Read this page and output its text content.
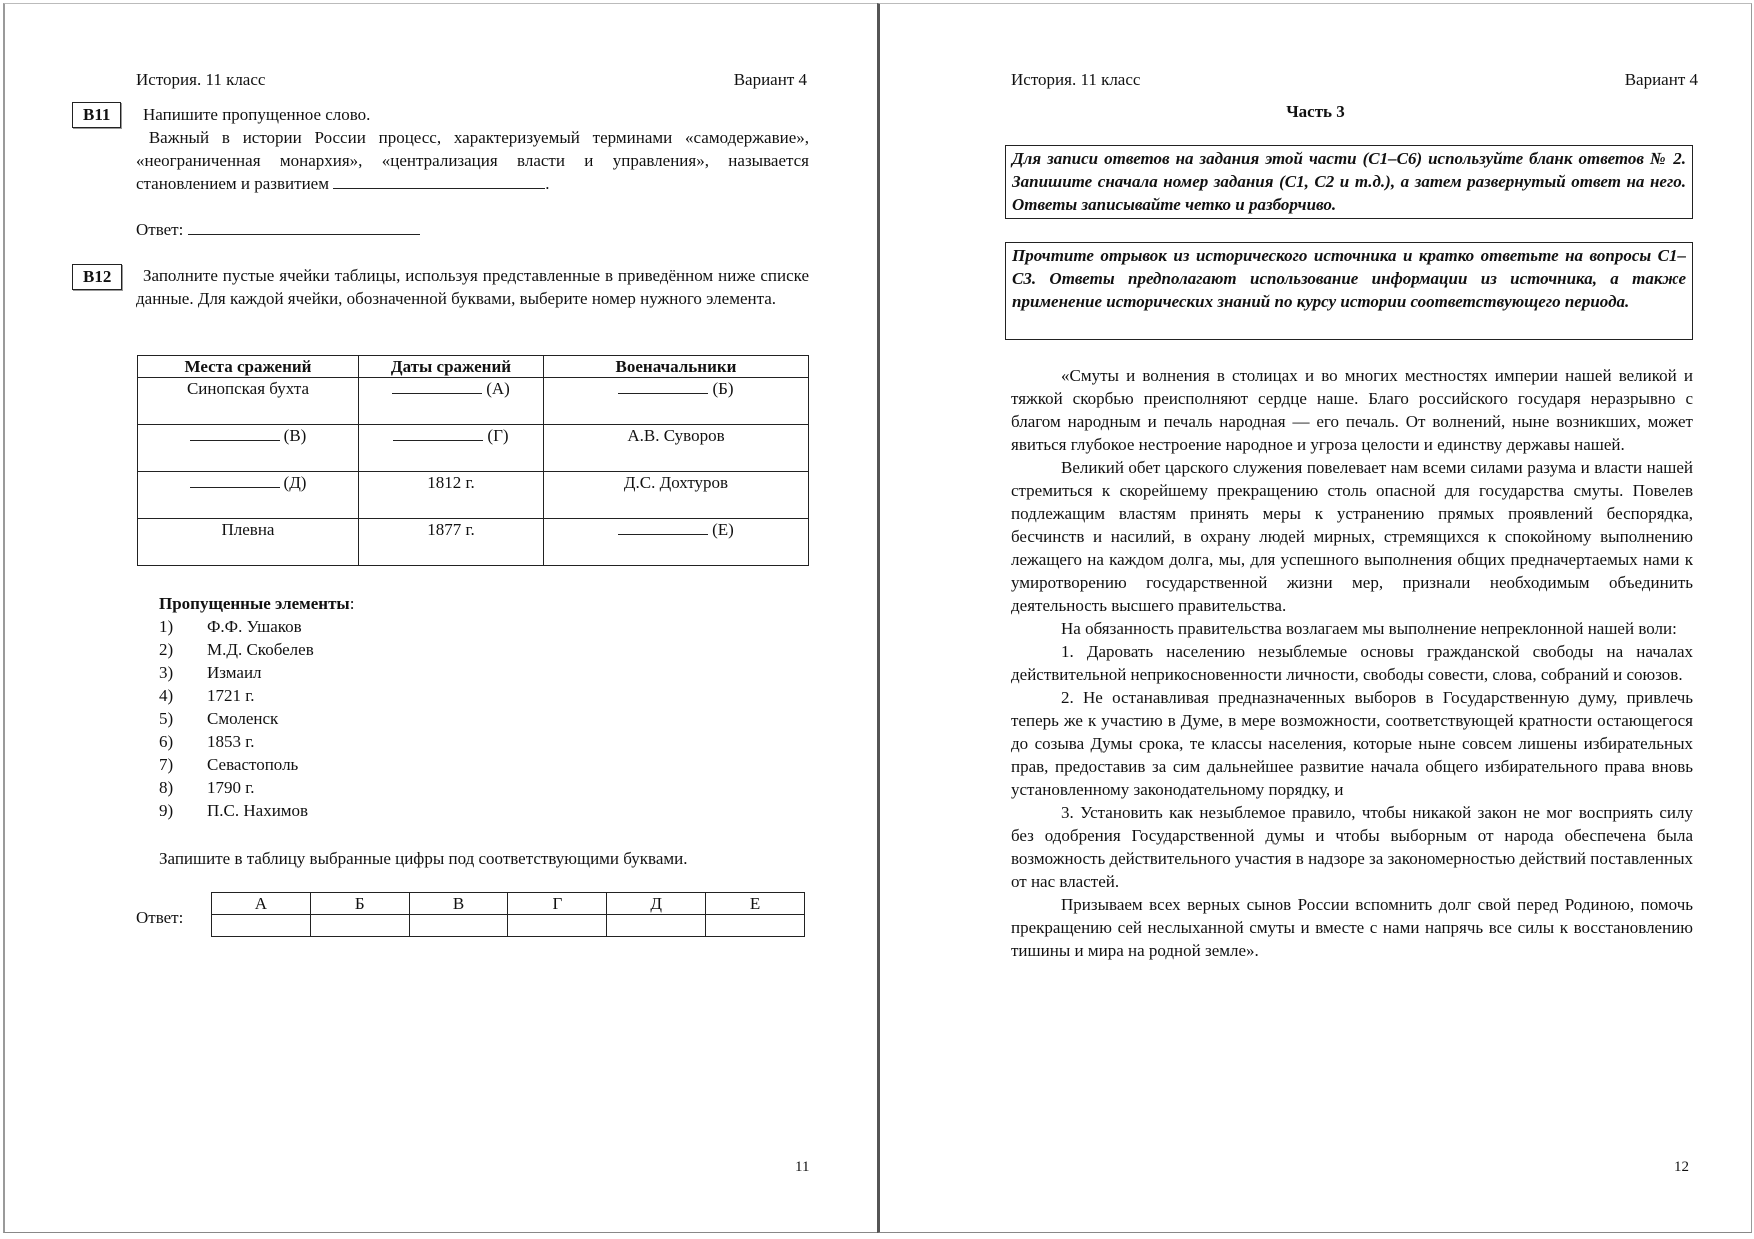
История. 11 класс	Вариант 4
В11	Напишите пропущенное слово.
Важный в истории России процесс, характеризуемый терминами «самодержавие», «неограниченная монархия», «централизация власти и управления», называется становлением и развитием	.
Ответ:
В12	Заполните пустые ячейки таблицы, используя представленные в приведённом ниже списке данные. Для каждой ячейки, обозначенной буквами, выберите номер нужного элемента.
Места сражений	Даты сражений	Военачальники
Синопская бухта	(А)	(Б)
(В)	(Г)	А.В. Суворов
(Д)	1812 г.	Д.С. Дохтуров
Плевна	1877 г.	(Е)
Пропущенные элементы:
1) Ф.Ф. Ушаков
2) М.Д. Скобелев
3) Измаил
4) 1721 г.
5) Смоленск
6) 1853 г.
7) Севастополь
8) 1790 г.
9) П.С. Нахимов
Запишите в таблицу выбранные цифры под соответствующими буквами.
Ответ:
А	Б	В	Г	Д	Е

11
История. 11 класс	Вариант 4
Часть 3
Для записи ответов на задания этой части (С1–С6) используйте бланк ответов № 2. Запишите сначала номер задания (С1, С2 и т.д.), а затем развернутый ответ на него. Ответы записывайте четко и разборчиво.
Прочтите отрывок из исторического источника и кратко ответьте на вопросы С1–С3. Ответы предполагают использование информации из источника, а также применение исторических знаний по курсу истории соответствующего периода.

«Смуты и волнения в столицах и во многих местностях империи нашей великой и тяжкой скорбью преисполняют сердце наше. Благо российского государя неразрывно с благом народным и печаль народная — его печаль. От волнений, ныне возникших, может явиться глубокое нестроение народное и угроза целости и единству державы нашей.

Великий обет царского служения повелевает нам всеми силами разума и власти нашей стремиться к скорейшему прекращению столь опасной для государства смуты. Повелев подлежащим властям принять меры к устранению прямых проявлений беспорядка, бесчинств и насилий, в охрану людей мирных, стремящихся к спокойному выполнению лежащего на каждом долга, мы, для успешного выполнения общих предначертаемых нами к умиротворению государственной жизни мер, признали необходимым объединить деятельность высшего правительства.

На обязанность правительства возлагаем мы выполнение непреклонной нашей воли:

1. Даровать населению незыблемые основы гражданской свободы на началах действительной неприкосновенности личности, свободы совести, слова, собраний и союзов.

2. Не останавливая предназначенных выборов в Государственную думу, привлечь теперь же к участию в Думе, в мере возможности, соответствующей кратности остающегося до созыва Думы срока, те классы населения, которые ныне совсем лишены избирательных прав, предоставив за сим дальнейшее развитие начала общего избирательного права вновь установленному законодательному порядку, и

3. Установить как незыблемое правило, чтобы никакой закон не мог восприять силу без одобрения Государственной думы и чтобы выборным от народа обеспечена была возможность действительного участия в надзоре за закономерностью действий поставленных от нас властей.

Призываем всех верных сынов России вспомнить долг свой перед Родиною, помочь прекращению сей неслыханной смуты и вместе с нами напрячь все силы к восстановлению тишины и мира на родной земле».

12
